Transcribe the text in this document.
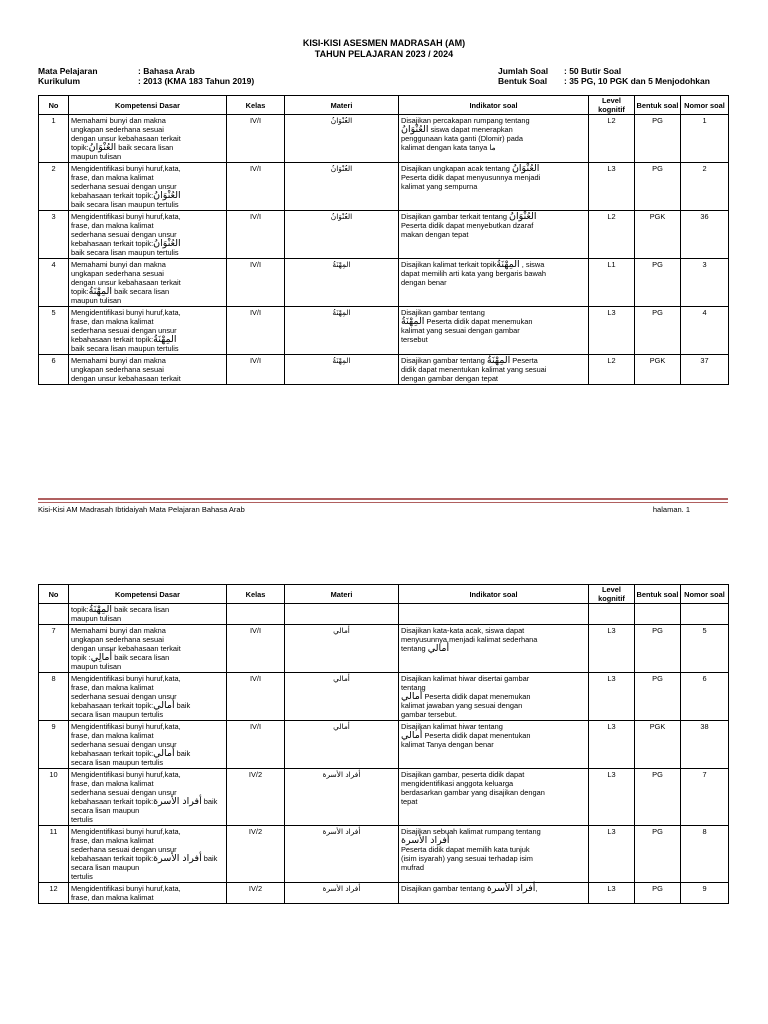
KISI-KISI ASESMEN MADRASAH (AM)
TAHUN PELAJARAN 2023 / 2024
Mata Pelajaran	: Bahasa Arab
Kurikulum	: 2013 (KMA 183 Tahun 2019)
Jumlah Soal	: 50 Butir Soal
Bentuk Soal	: 35 PG, 10 PGK dan 5 Menjodohkan
No	Kompetensi Dasar	Kelas	Materi	Indikator soal	Level kognitif	Bentuk soal	Nomor soal
1	Memahami bunyi dan makna
ungkapan sederhana sesuai
dengan unsur kebahasaan terkait
topik:العُنْوَانُ baik secara lisan
maupun tulisan	IV/I	العُنْوَانُ	Disajikan percakapan rumpang tentang
العُنْوَانُ siswa dapat menerapkan
penggunaan kata ganti (Dlomir) pada
kalimat dengan kata tanya ما	L2	PG	1
2	Mengidentifikasi bunyi huruf,kata,
frase, dan makna kalimat
sederhana sesuai dengan unsur
kebahasaan terkait topik:العُنْوَانُ
baik secara lisan maupun tertulis	IV/I	العُنْوَانُ	Disajikan ungkapan acak tentang العُنْوَانُ
Peserta didik dapat menyusunnya menjadi
kalimat yang sempurna	L3	PG	2
3	Mengidentifikasi bunyi huruf,kata,
frase, dan makna kalimat
sederhana sesuai dengan unsur
kebahasaan terkait topik:العُنْوَانُ
baik secara lisan maupun tertulis	IV/I	العُنْوَانُ	Disajikan gambar terkait tentang العُنْوَانُ
Peserta didik dapat menyebutkan dzaraf
makan dengan tepat	L2	PGK	36
4	Memahami bunyi dan makna
ungkapan sederhana sesuai
dengan unsur kebahasaan terkait
topik:المِهْنَةُ baik secara lisan
maupun tulisan	IV/I	المِهْنَةُ	Disajikan kalimat terkait topikالمِهْنَةُ , siswa
dapat memilih arti kata yang bergaris bawah
dengan benar	L1	PG	3
5	Mengidentifikasi bunyi huruf,kata,
frase, dan makna kalimat
sederhana sesuai dengan unsur
kebahasaan terkait topik:المِهْنَةُ
baik secara lisan maupun tertulis	IV/I	المِهْنَةُ	Disajikan gambar tentang
المِهْنَةُ Peserta didik dapat menemukan
kalimat yang sesuai dengan gambar
tersebut	L3	PG	4
6	Memahami bunyi dan makna
ungkapan sederhana sesuai
dengan unsur kebahasaan terkait	IV/I	المِهْنَةُ	Disajikan gambar tentang المِهْنَةُ Peserta
didik dapat menentukan kalimat yang sesuai
dengan gambar dengan tepat	L2	PGK	37
Kisi-Kisi AM Madrasah Ibtidaiyah Mata Pelajaran Bahasa Arab	halaman. 1
No	Kompetensi Dasar	Kelas	Materi	Indikator soal	Level kognitif	Bentuk soal	Nomor soal
	topik:المِهْنَةُ baik secara lisan
maupun tulisan						
7	Memahami bunyi dan makna
ungkapan sederhana sesuai
dengan unsur kebahasaan terkait
topik :أَمالِي baik secara lisan
maupun tulisan	IV/I	أمالي	Disajikan kata-kata acak, siswa dapat
menyusunnya menjadi kalimat sederhana
tentang أمالي	L3	PG	5
8	Mengidentifikasi bunyi huruf,kata,
frase, dan makna kalimat
sederhana sesuai dengan unsur
kebahasaan terkait topik:أمالي baik
secara lisan maupun tertulis	IV/I	أمالي	Disajikan kalimat hiwar disertai gambar
tentang
أمالي Peserta didik dapat menemukan
kalimat jawaban yang sesuai dengan
gambar tersebut.	L3	PG	6
9	Mengidentifikasi bunyi huruf,kata,
frase, dan makna kalimat
sederhana sesuai dengan unsur
kebahasaan terkait topik:أمالي baik
secara lisan maupun tertulis	IV/I	أمالي	Disajikan kalimat hiwar tentang
أمالي Peserta didik dapat menentukan
kalimat Tanya dengan benar	L3	PGK	38
10	Mengidentifikasi bunyi huruf,kata,
frase, dan makna kalimat
sederhana sesuai dengan unsur
kebahasaan terkait topik:أفراد الأسرة baik secara lisan maupun
tertulis	IV/2	أفراد الأسرة	Disajikan gambar, peserta didik dapat
mengidentifikasi anggota keluarga
berdasarkan gambar yang disajikan dengan
tepat	L3	PG	7
11	Mengidentifikasi bunyi huruf,kata,
frase, dan makna kalimat
sederhana sesuai dengan unsur
kebahasaan terkait topik:أفراد الأسرة baik secara lisan maupun
tertulis	IV/2	أفراد الأسرة	Disajikan sebuah kalimat rumpang tentang
أفراد الأسرة
Peserta didik dapat memilih kata tunjuk
(isim isyarah) yang sesuai terhadap isim
mufrad	L3	PG	8
12	Mengidentifikasi bunyi huruf,kata,
frase, dan makna kalimat	IV/2	أفراد الأسرة	Disajikan gambar tentang أفراد الأسرة,	L3	PG	9
